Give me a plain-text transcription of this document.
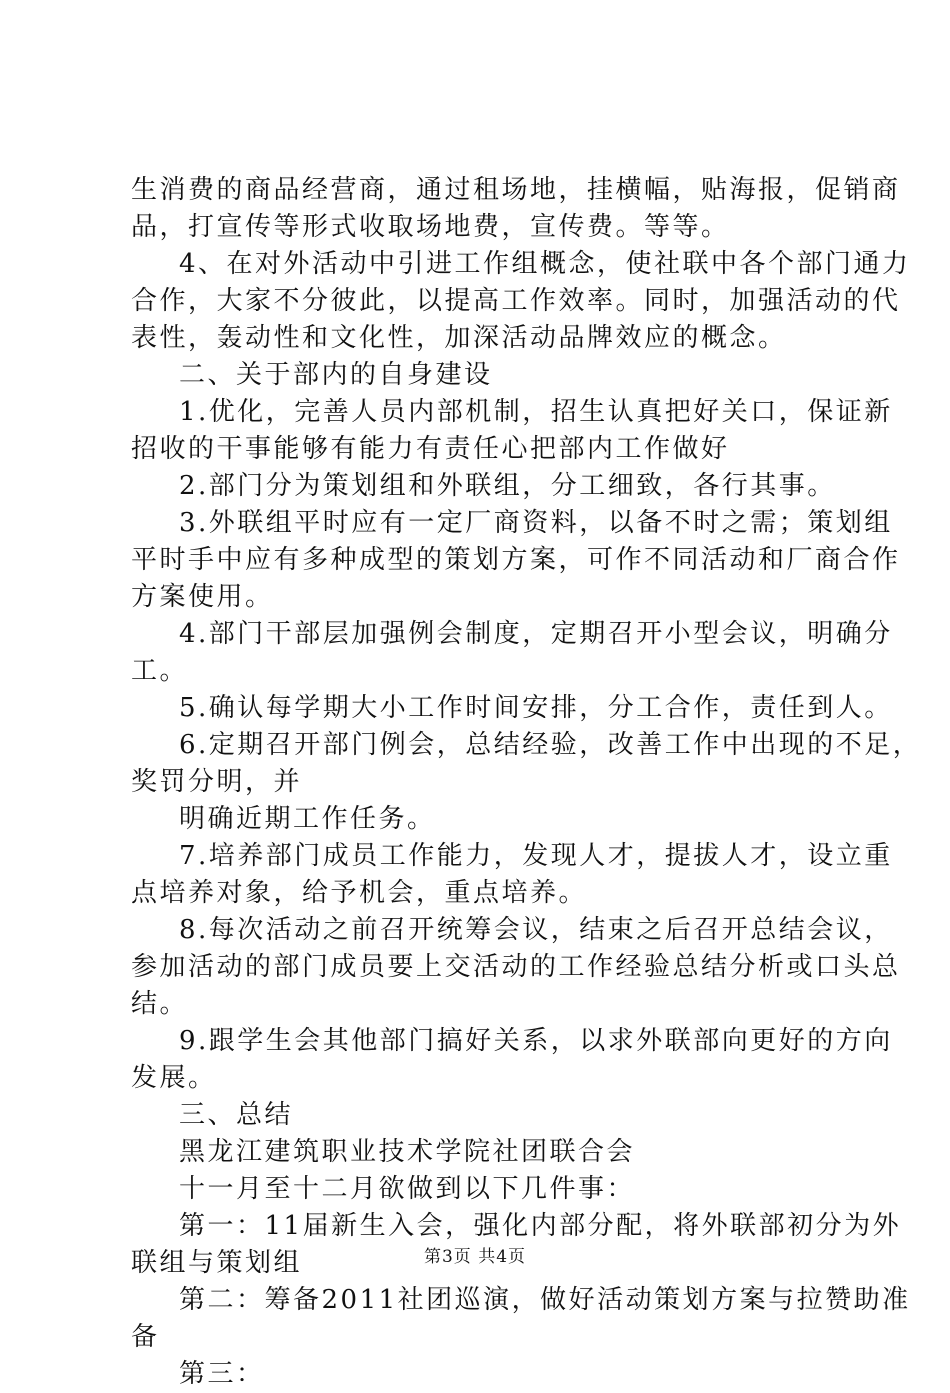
生消费的商品经营商，通过租场地，挂横幅，贴海报，促销商
品，打宣传等形式收取场地费，宣传费。等等。
4、在对外活动中引进工作组概念，使社联中各个部门通力
合作，大家不分彼此，以提高工作效率。同时，加强活动的代
表性，轰动性和文化性，加深活动品牌效应的概念。
二、关于部内的自身建设
1.优化，完善人员内部机制，招生认真把好关口，保证新
招收的干事能够有能力有责任心把部内工作做好
2.部门分为策划组和外联组，分工细致，各行其事。
3.外联组平时应有一定厂商资料，以备不时之需；策划组
平时手中应有多种成型的策划方案，可作不同活动和厂商合作
方案使用。
4.部门干部层加强例会制度，定期召开小型会议，明确分
工。
5.确认每学期大小工作时间安排，分工合作，责任到人。
6.定期召开部门例会，总结经验，改善工作中出现的不足，
奖罚分明，并
明确近期工作任务。
7.培养部门成员工作能力，发现人才，提拔人才，设立重
点培养对象，给予机会，重点培养。
8.每次活动之前召开统筹会议，结束之后召开总结会议，
参加活动的部门成员要上交活动的工作经验总结分析或口头总
结。
9.跟学生会其他部门搞好关系，以求外联部向更好的方向
发展。
三、总结
黑龙江建筑职业技术学院社团联合会
十一月至十二月欲做到以下几件事：
第一：11届新生入会，强化内部分配，将外联部初分为外
联组与策划组
第二：筹备2011社团巡演，做好活动策划方案与拉赞助准
备
第三：
第3页 共4页
